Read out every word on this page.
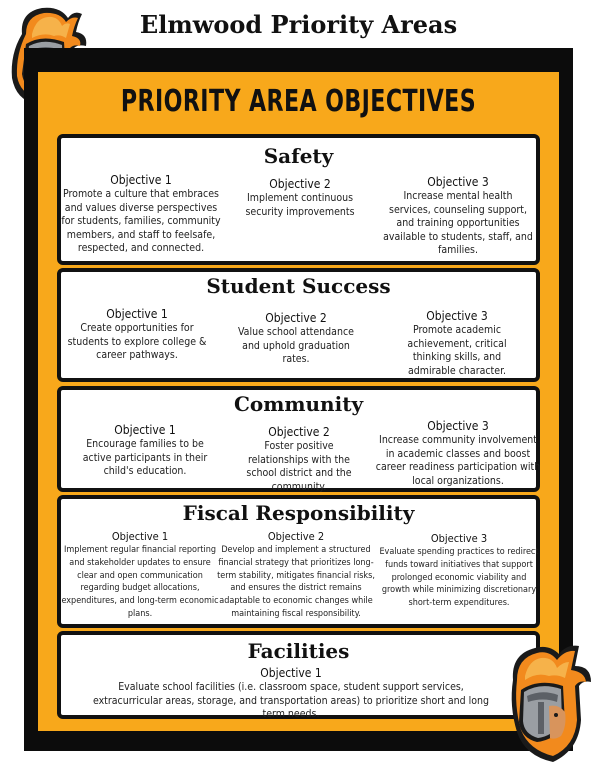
Elmwood Priority Areas
PRIORITY AREA OBJECTIVES
Safety
Objective 1
Promote a culture that embraces and values diverse perspectives for students, families, community members, and staff to feelsafe, respected, and connected.
Objective 2
Implement continuous security improvements
Objective 3
Increase mental health services, counseling support, and training opportunities available to students, staff, and families.
Student Success
Objective 1
Create opportunities for students to explore college & career pathways.
Objective 2
Value school attendance and uphold graduation rates.
Objective 3
Promote academic achievement, critical thinking skills, and admirable character.
Community
Objective 1
Encourage families to be active participants in their child's education.
Objective 2
Foster positive relationships with the school district and the community.
Objective 3
Increase community involvement in academic classes and boost career readiness participation with local organizations.
Fiscal Responsibility
Objective 1
Implement regular financial reporting and stakeholder updates to ensure clear and open communication regarding budget allocations, expenditures, and long-term economic plans.
Objective 2
Develop and implement a structured financial strategy that prioritizes long-term stability, mitigates financial risks, and ensures the district remains adaptable to economic changes while maintaining fiscal responsibility.
Objective 3
Evaluate spending practices to redirect funds toward initiatives that support prolonged economic viability and growth while minimizing discretionary short-term expenditures.
Facilities
Objective 1
Evaluate school facilities (i.e. classroom space, student support services, extracurricular areas, storage, and transportation areas) to prioritize short and long term needs.
